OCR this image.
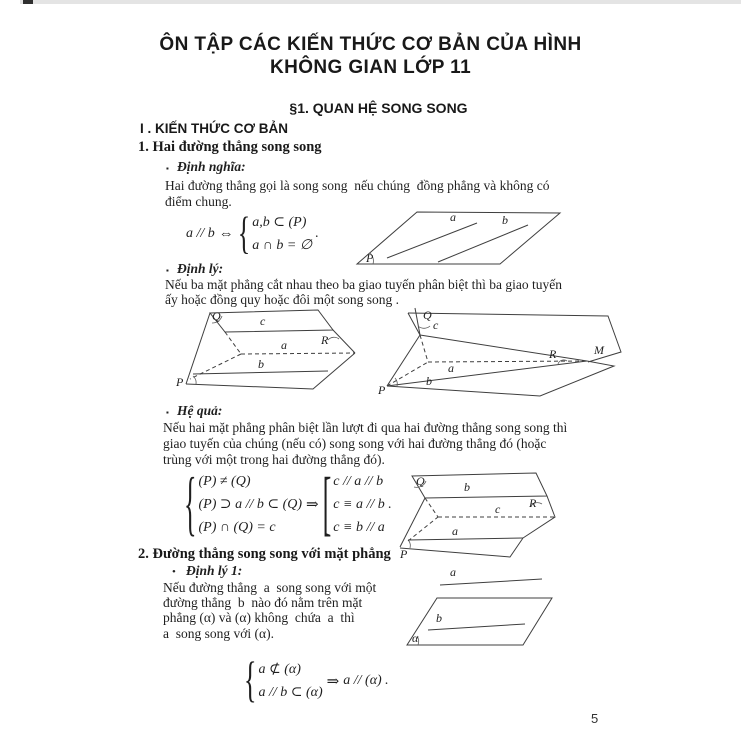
ÔN TẬP CÁC KIẾN THỨC CƠ BẢN CỦA HÌNH
KHÔNG GIAN LỚP 11
§1. QUAN HỆ SONG SONG
I . KIẾN THỨC CƠ BẢN
1. Hai đường thẳng song song
▪ Định nghĩa:
Hai đường thẳng gọi là song song  nếu chúng  đồng phẳng và không có
điểm chung.
a // b ⇔ { a,b ⊂ (P)
a ∩ b = ∅
.
a	b
P
▪ Định lý:
Nếu ba mặt phẳng cắt nhau theo ba giao tuyến phân biệt thì ba giao tuyến
ấy hoặc đồng quy hoặc đôi một song song .
Q	c
R
a
b
P
Q
c
M
R
a
b
P
▪ Hệ quả:
Nếu hai mặt phẳng phân biệt lần lượt đi qua hai đường thẳng song song thì
giao tuyến của chúng (nếu có) song song với hai đường thẳng đó (hoặc
trùng với một trong hai đường thẳng đó).
{ (P) ≠ (Q)
(P) ⊃ a // b ⊂ (Q)
(P) ∩ (Q) = c
⇒ [ c // a // b
c ≡ a // b .
c ≡ b // a
Q	b
R
c
a
P
2. Đường thẳng song song với mặt phẳng
• Định lý 1:
Nếu đường thẳng  a  song song với một
đường thẳng  b  nào đó nằm trên mặt
phẳng (α) và (α) không  chứa  a  thì
a  song song với (α).
a
b
α
{ a ⊄ (α)
a // b ⊂ (α)
⇒ a // (α) .
5
